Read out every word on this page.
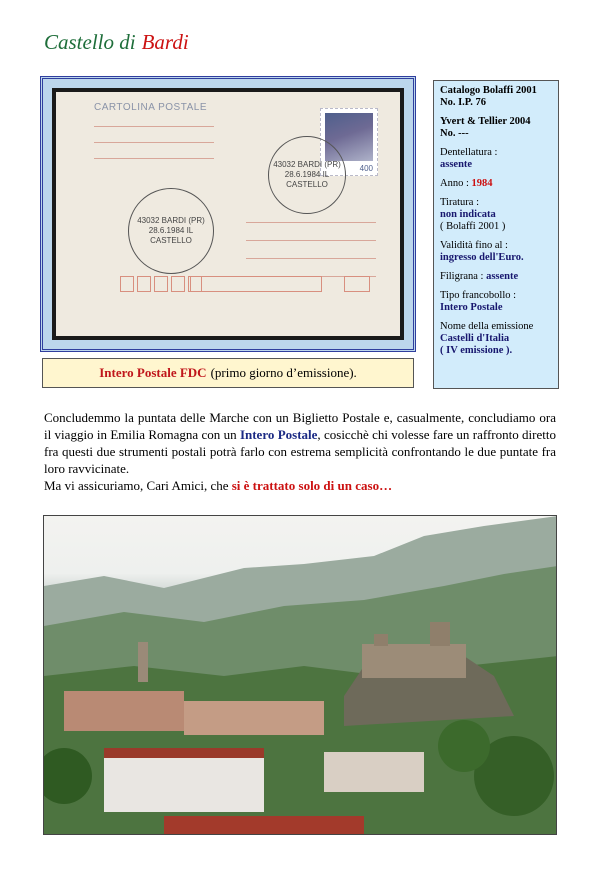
Castello di Bardi
CARTOLINA POSTALE
400
43032 BARDI (PR) 28.6.1984 IL CASTELLO
43032 BARDI (PR) 28.6.1984 IL CASTELLO
Intero Postale FDC (primo giorno d’emissione).
Catalogo Bolaffi 2001
No. I.P. 76
Yvert & Tellier 2004
No. ---
Dentellatura :
assente
Anno : 1984
Tiratura :
non indicata
( Bolaffi 2001 )
Validità fino al :
ingresso dell'Euro.
Filigrana : assente
Tipo francobollo :
Intero Postale
Nome della emissione
Castelli d'Italia
( IV emissione ).

Concludemmo la puntata delle Marche con un Biglietto Postale e, casualmente, concludiamo ora il viaggio in Emilia Romagna con un Intero Postale, cosicchè chi volesse fare un raffronto diretto fra questi due strumenti postali potrà farlo con estrema semplicità confrontando le due puntate fra loro ravvicinate.

Ma vi assicuriamo, Cari Amici, che si è trattato solo di un caso…
